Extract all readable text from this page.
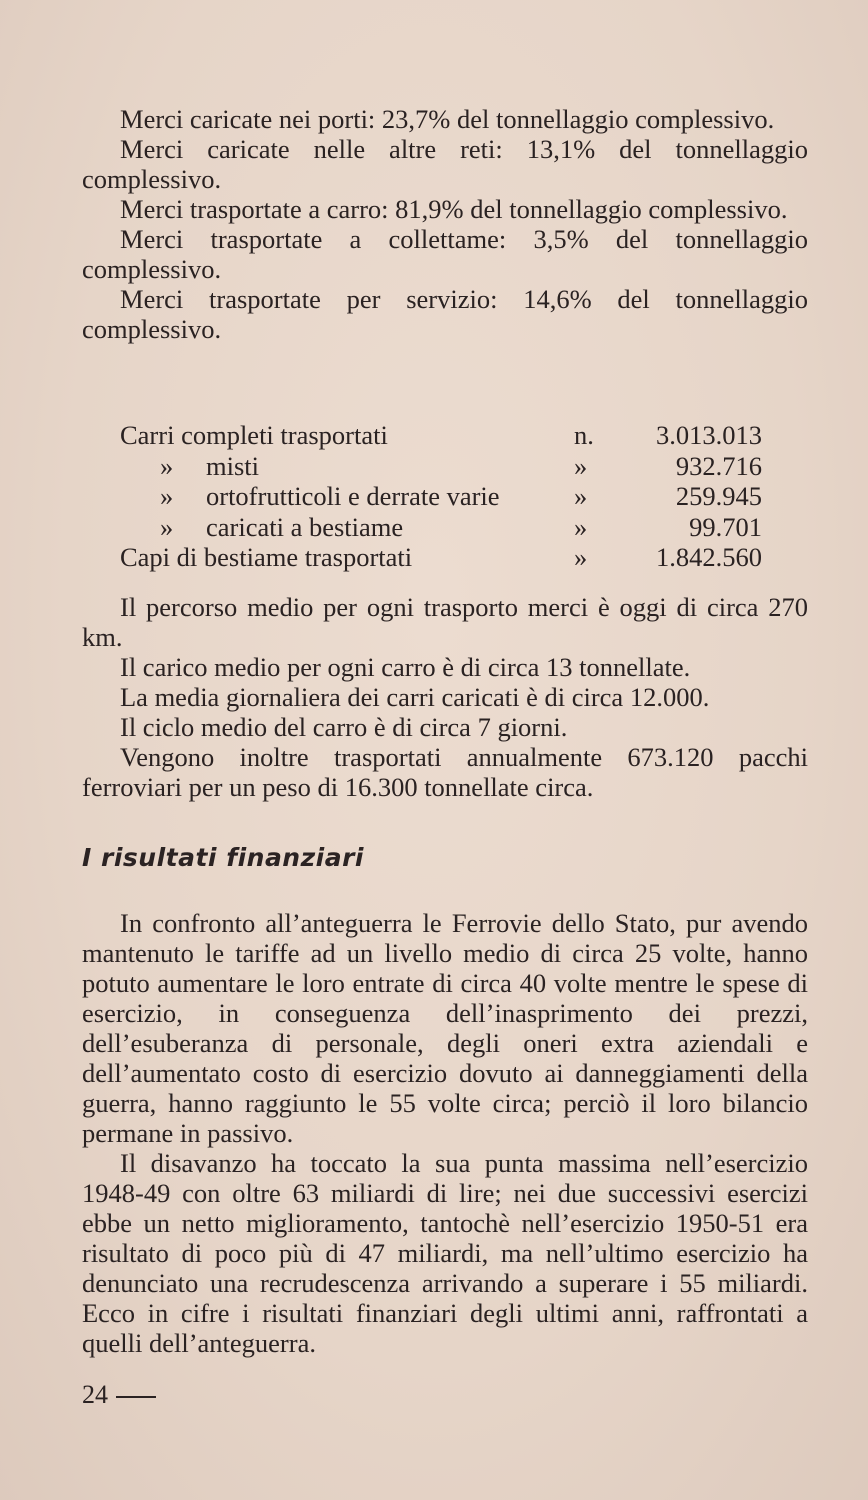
Merci caricate nei porti: 23,7% del tonnellaggio complessivo.

Merci caricate nelle altre reti: 13,1% del tonnellaggio complessivo.

Merci trasportate a carro: 81,9% del tonnellaggio complessivo.

Merci trasportate a collettame: 3,5% del tonnellaggio complessivo.

Merci trasportate per servizio: 14,6% del tonnellaggio complessivo.

Carri completi trasportati	n. 3.013.013
» misti	»	932.716
» ortofrutticoli e derrate varie	»	259.945
» caricati a bestiame	»	99.701
Capi di bestiame trasportati	»	1.842.560

Il percorso medio per ogni trasporto merci è oggi di circa 270 km.

Il carico medio per ogni carro è di circa 13 tonnellate.

La media giornaliera dei carri caricati è di circa 12.000.

Il ciclo medio del carro è di circa 7 giorni.

Vengono inoltre trasportati annualmente 673.120 pacchi ferroviari per un peso di 16.300 tonnellate circa.

I risultati finanziari

In confronto all’anteguerra le Ferrovie dello Stato, pur avendo mantenuto le tariffe ad un livello medio di circa 25 volte, hanno potuto aumentare le loro entrate di circa 40 volte mentre le spese di esercizio, in conseguenza dell’inasprimento dei prezzi, dell’esuberanza di personale, degli oneri extra aziendali e dell’aumentato costo di esercizio dovuto ai danneggiamenti della guerra, hanno raggiunto le 55 volte circa; perciò il loro bilancio permane in passivo.

Il disavanzo ha toccato la sua punta massima nell’esercizio 1948-49 con oltre 63 miliardi di lire; nei due successivi esercizi ebbe un netto miglioramento, tantochè nell’esercizio 1950-51 era risultato di poco più di 47 miliardi, ma nell’ultimo esercizio ha denunciato una recrudescenza arrivando a superare i 55 miliardi. Ecco in cifre i risultati finanziari degli ultimi anni, raffrontati a quelli dell’anteguerra.

24
